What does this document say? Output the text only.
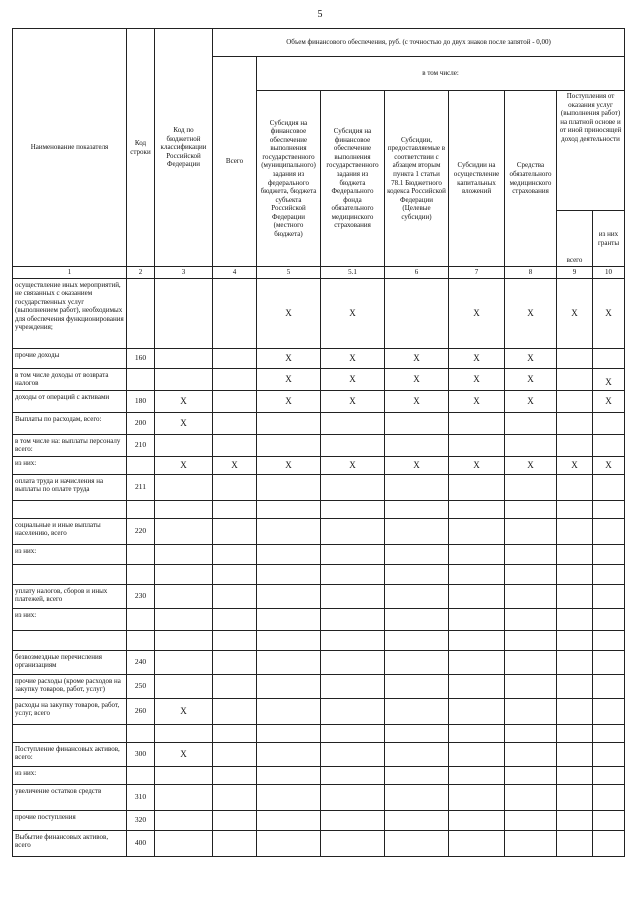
5
Наименование показателя	Код строки	Код по бюджетной классификации Российской Федерации	Объем финансового обеспечения, руб. (с точностью до двух знаков после запятой - 0,00)							
			Всего	в том числе:						
				Субсидия на финансовое обеспечение выполнения государственного (муниципального) задания из федерального бюджета, бюджета субъекта Российской Федерации (местного бюджета)	Субсидия на финансовое обеспечение выполнения государственного задания из бюджета Федерального фонда обязательного медицинского страхования	Субсидии, предоставляемые в соответствии с абзацем вторым пункта 1 статьи 78.1 Бюджетного кодекса Российской Федерации (Целевые субсидии)	Субсидии на осуществление капитальных вложений	Средства обязательного медицинского страхования	Поступления от оказания услуг (выполнения работ) на платной основе и от иной приносящей доход деятельности	
									всего	из них гранты
1	2	3	4	5	5.1	6	7	8	9	10
осуществление иных мероприятий, не связанных с оказанием государственных услуг (выполнением работ), необходимых для обеспечения функционирования учреждения;				X	X		X	X	X	X
прочие доходы	160			X	X	X	X	X		
в том числе доходы от возврата налогов				X	X	X	X	X		X
доходы от операций с активами	180	X		X	X	X	X	X		X
Выплаты по расходам, всего:	200	X								
в том числе на: выплаты персоналу всего:	210									
из них:		X	X	X	X	X	X	X	X	X
оплата труда и начисления на выплаты по оплате труда	211									

социальные и иные выплаты населению, всего	220									
из них:										

уплату налогов, сборов и иных платежей, всего	230									
из них:										

безвозмездные перечисления организациям	240									
прочие расходы (кроме расходов на закупку товаров, работ, услуг)	250									
расходы на закупку товаров, работ, услуг, всего	260	X								

Поступление финансовых активов, всего:	300	X								
из них:										
увеличение остатков средств	310									
прочие поступления	320									
Выбытие финансовых активов, всего	400									
